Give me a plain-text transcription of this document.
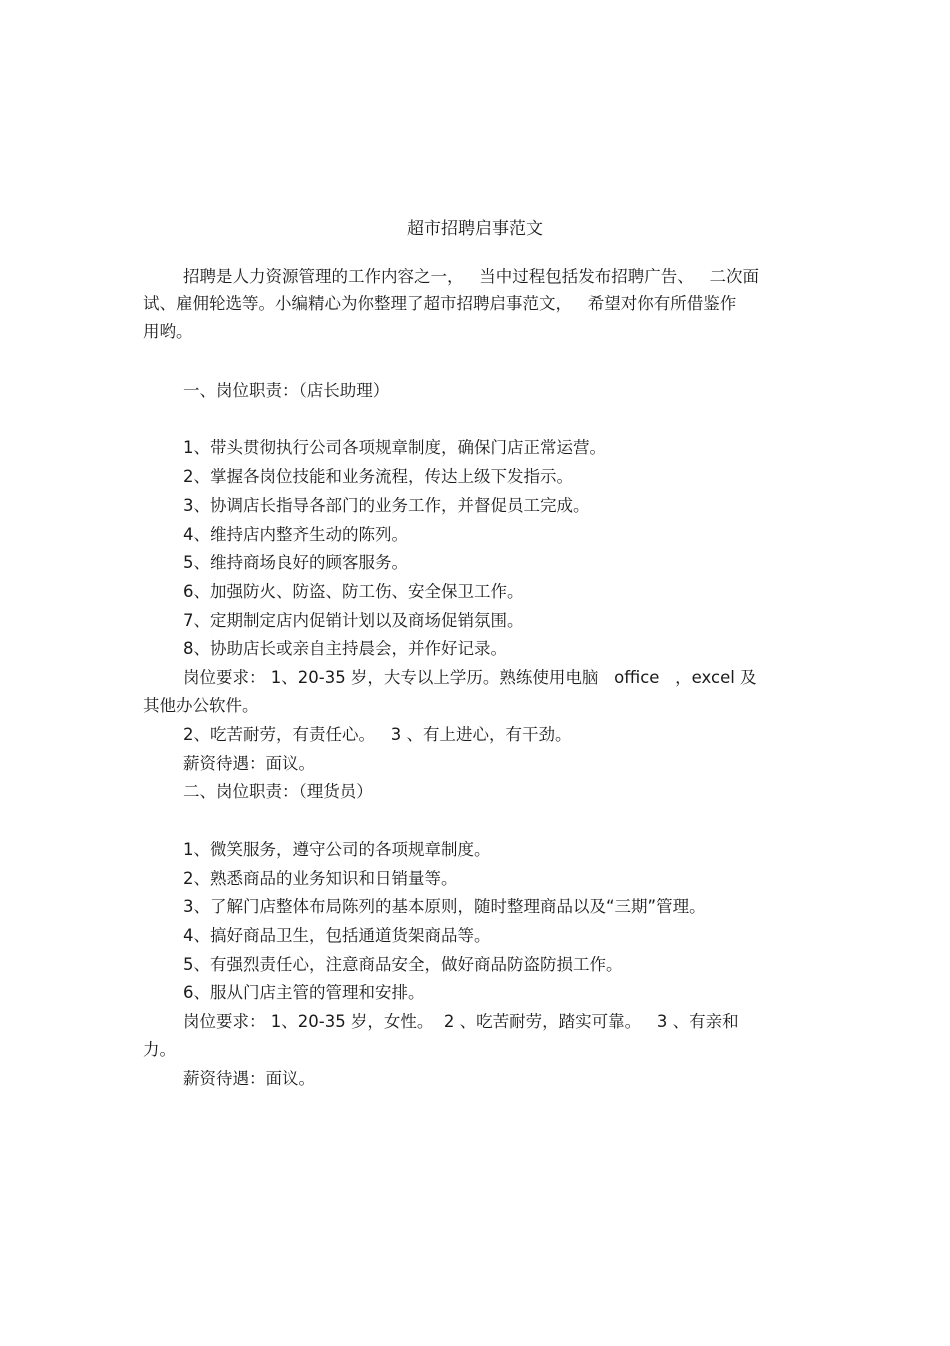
超市招聘启事范文
招聘是人力资源管理的工作内容之一，   当中过程包括发布招聘广告、   二次面
试、雇佣轮选等。小编精心为你整理了超市招聘启事范文，   希望对你有所借鉴作
用哟。
一、岗位职责：（店长助理）
1、带头贯彻执行公司各项规章制度，确保门店正常运营。
2、掌握各岗位技能和业务流程，传达上级下发指示。
3、协调店长指导各部门的业务工作，并督促员工完成。
4、维持店内整齐生动的陈列。
5、维持商场良好的顾客服务。
6、加强防火、防盗、防工伤、安全保卫工作。
7、定期制定店内促销计划以及商场促销氛围。
8、协助店长或亲自主持晨会，并作好记录。
岗位要求： 1、20-35 岁，大专以上学历。熟练使用电脑   office   ，excel 及
其他办公软件。
2、吃苦耐劳，有责任心。   3 、有上进心，有干劲。
薪资待遇：面议。
二、岗位职责：（理货员）
1、微笑服务，遵守公司的各项规章制度。
2、熟悉商品的业务知识和日销量等。
3、了解门店整体布局陈列的基本原则，随时整理商品以及“三期”管理。
4、搞好商品卫生，包括通道货架商品等。
5、有强烈责任心，注意商品安全，做好商品防盗防损工作。
6、服从门店主管的管理和安排。
岗位要求： 1、20-35 岁，女性。  2 、吃苦耐劳，踏实可靠。   3 、有亲和
力。
薪资待遇：面议。
